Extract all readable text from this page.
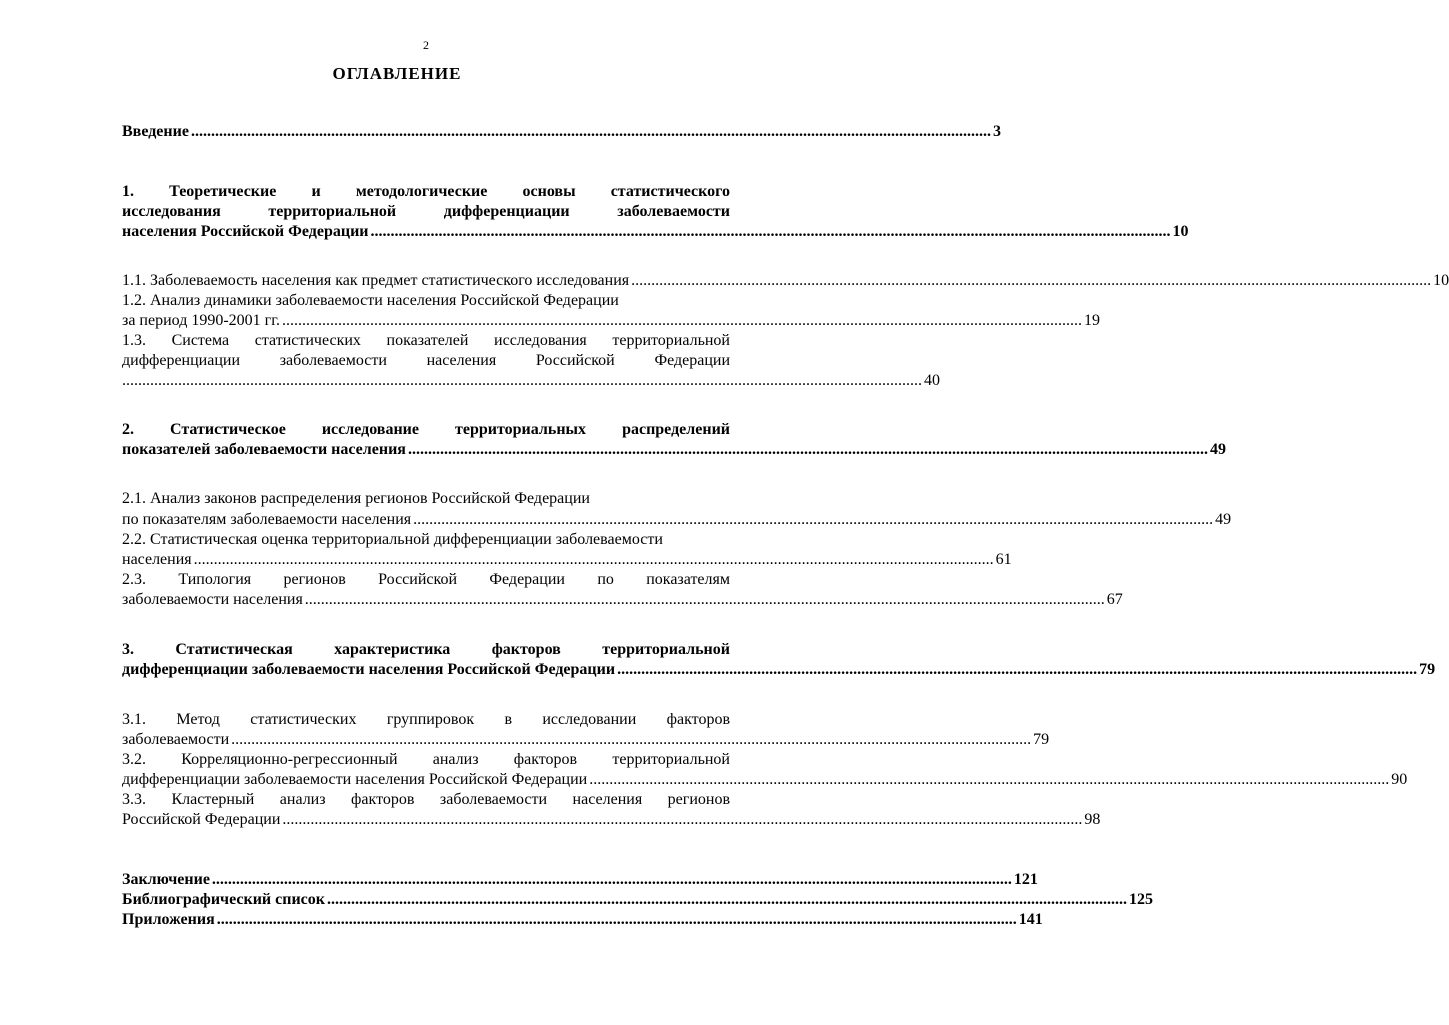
2
ОГЛАВЛЕНИЕ
Введение ........................................................................................................................................................................................................ 3
1. Теоретические и методологические основы статистического
исследования территориальной дифференциации заболеваемости
населения Российской Федерации ........................................................................................................................................................................................................ 10
1.1. Заболеваемость населения как предмет статистического исследования ........................................................................................................................................................................................................ 10
1.2. Анализ динамики заболеваемости населения Российской Федерации
за период 1990-2001 гг. ........................................................................................................................................................................................................ 19
1.3. Система статистических показателей исследования территориальной
дифференциации заболеваемости населения Российской Федерации
........................................................................................................................................................................................................ 40
2. Статистическое исследование территориальных распределений
показателей заболеваемости населения ........................................................................................................................................................................................................ 49
2.1. Анализ законов распределения регионов Российской Федерации
по показателям заболеваемости населения ........................................................................................................................................................................................................ 49
2.2. Статистическая оценка территориальной дифференциации заболеваемости
населения ........................................................................................................................................................................................................ 61
2.3. Типология регионов Российской Федерации по показателям
заболеваемости населения ........................................................................................................................................................................................................ 67
3. Статистическая характеристика факторов территориальной
дифференциации заболеваемости населения Российской Федерации ........................................................................................................................................................................................................ 79
3.1. Метод статистических группировок в исследовании факторов
заболеваемости ........................................................................................................................................................................................................ 79
3.2. Корреляционно-регрессионный анализ факторов территориальной
дифференциации заболеваемости населения Российской Федерации ........................................................................................................................................................................................................ 90
3.3. Кластерный анализ факторов заболеваемости населения регионов
Российской Федерации ........................................................................................................................................................................................................ 98
Заключение ........................................................................................................................................................................................................ 121
Библиографический список ........................................................................................................................................................................................................ 125
Приложения ........................................................................................................................................................................................................ 141
